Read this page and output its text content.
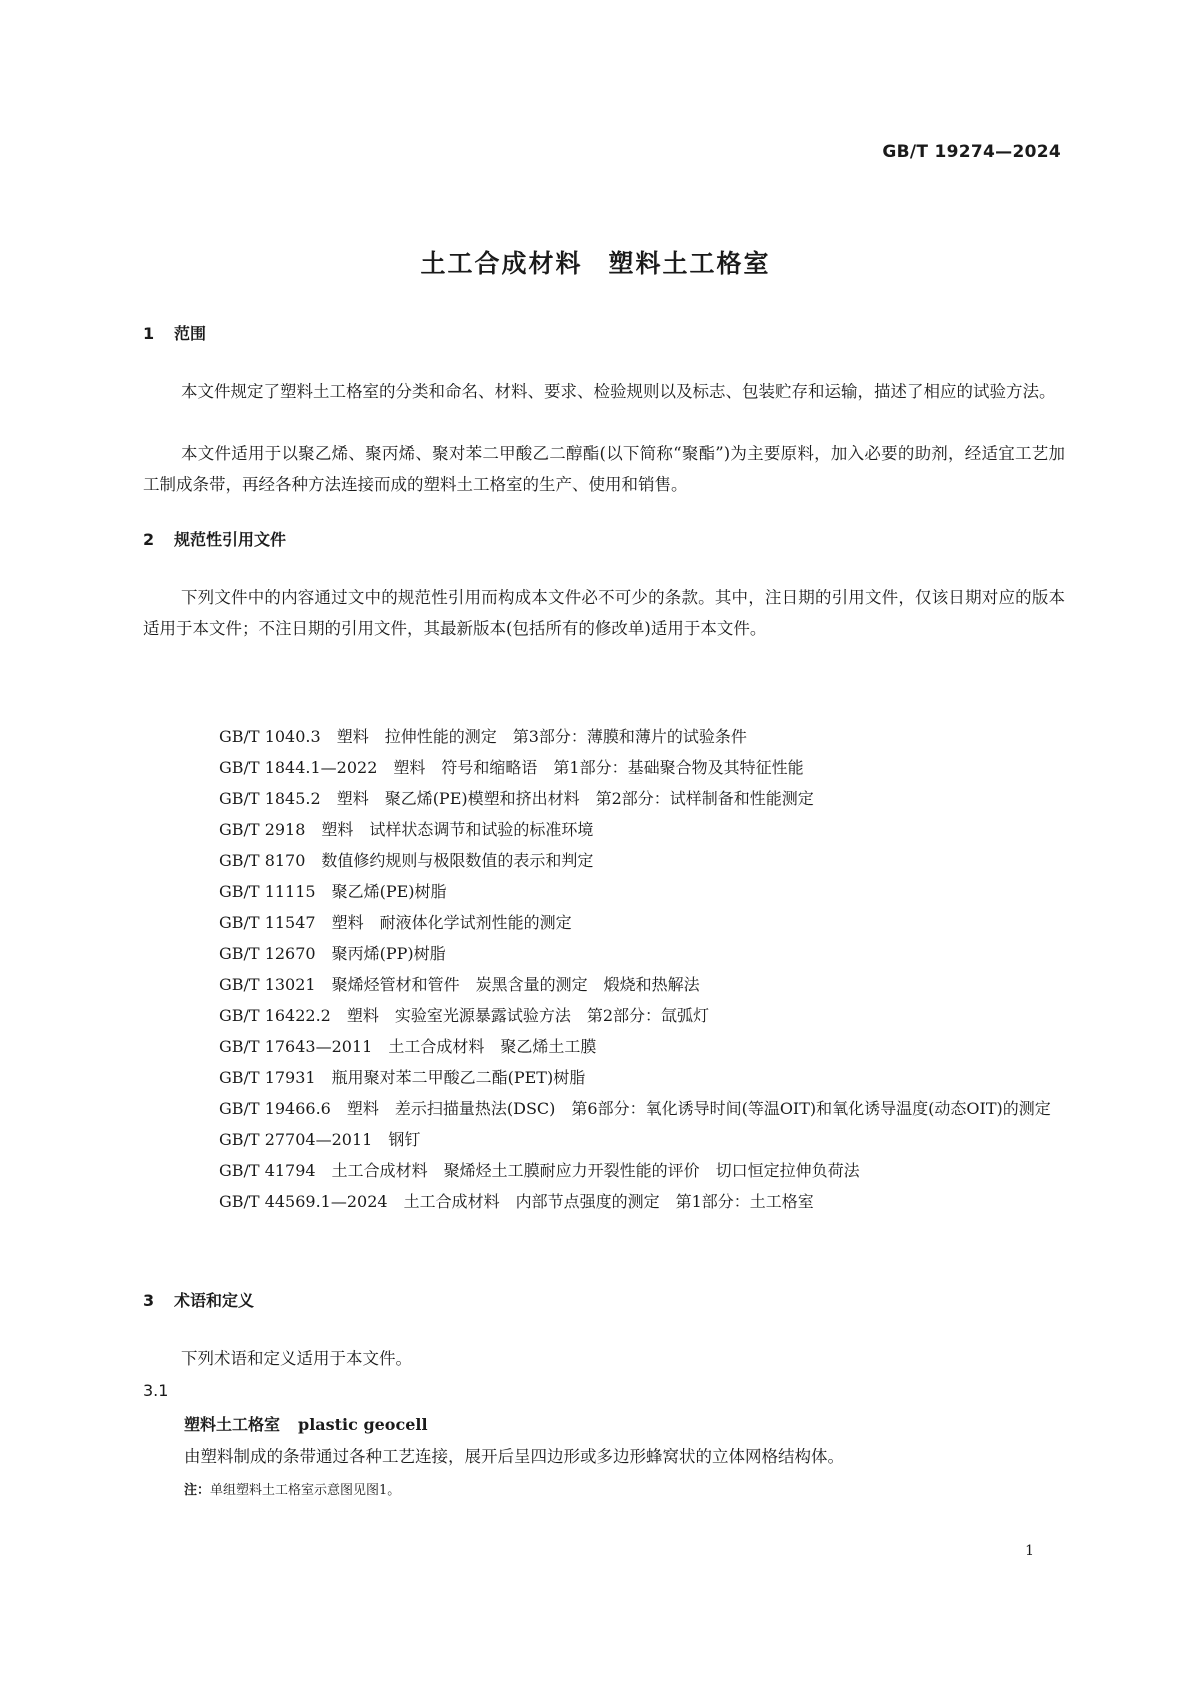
GB/T 19274—2024
土工合成材料 塑料土工格室
1 范围
本文件规定了塑料土工格室的分类和命名、材料、要求、检验规则以及标志、包装贮存和运输，描述了相应的试验方法。
本文件适用于以聚乙烯、聚丙烯、聚对苯二甲酸乙二醇酯(以下简称“聚酯”)为主要原料，加入必要的助剂，经适宜工艺加工制成条带，再经各种方法连接而成的塑料土工格室的生产、使用和销售。
2 规范性引用文件
下列文件中的内容通过文中的规范性引用而构成本文件必不可少的条款。其中，注日期的引用文件，仅该日期对应的版本适用于本文件；不注日期的引用文件，其最新版本(包括所有的修改单)适用于本文件。
GB/T 1040.3　 塑料　拉伸性能的测定　第3部分：薄膜和薄片的试验条件
GB/T 1844.1—2022　 塑料　符号和缩略语　第1部分：基础聚合物及其特征性能
GB/T 1845.2　 塑料　聚乙烯(PE)模塑和挤出材料　第2部分：试样制备和性能测定
GB/T 2918　 塑料　试样状态调节和试验的标准环境
GB/T 8170　 数值修约规则与极限数值的表示和判定
GB/T 11115　 聚乙烯(PE)树脂
GB/T 11547　 塑料　耐液体化学试剂性能的测定
GB/T 12670　 聚丙烯(PP)树脂
GB/T 13021　 聚烯烃管材和管件　炭黑含量的测定　煅烧和热解法
GB/T 16422.2　 塑料　实验室光源暴露试验方法　第2部分：氙弧灯
GB/T 17643—2011　 土工合成材料　聚乙烯土工膜
GB/T 17931　 瓶用聚对苯二甲酸乙二酯(PET)树脂
GB/T 19466.6　 塑料　差示扫描量热法(DSC)　第6部分：氧化诱导时间(等温OIT)和氧化诱导温度(动态OIT)的测定
GB/T 27704—2011　 钢钉
GB/T 41794　 土工合成材料　聚烯烃土工膜耐应力开裂性能的评价　切口恒定拉伸负荷法
GB/T 44569.1—2024　 土工合成材料　内部节点强度的测定　第1部分：土工格室
3 术语和定义
下列术语和定义适用于本文件。
3.1
塑料土工格室 plastic geocell
由塑料制成的条带通过各种工艺连接，展开后呈四边形或多边形蜂窝状的立体网格结构体。
注：单组塑料土工格室示意图见图1。
1
